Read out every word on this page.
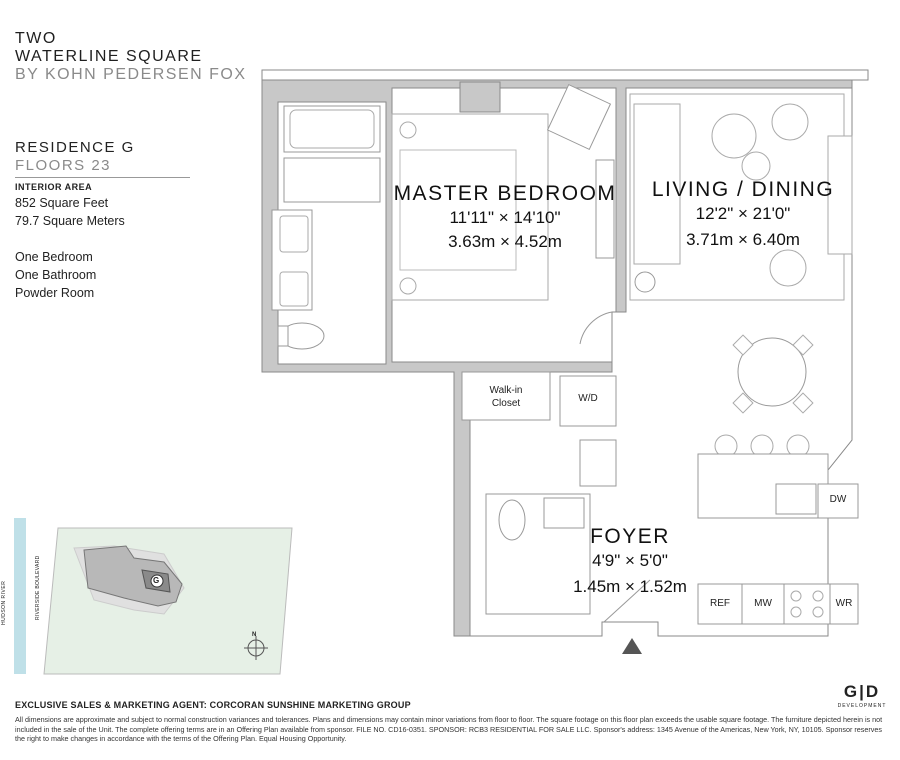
TWO
WATERLINE SQUARE
BY KOHN PEDERSEN FOX
RESIDENCE G
FLOORS 23
INTERIOR AREA
852 Square Feet
79.7 Square Meters
One Bedroom
One Bathroom
Powder Room
MASTER BEDROOM
11'11" × 14'10"
3.63m × 4.52m
LIVING / DINING
12'2" × 21'0"
3.71m × 6.40m
FOYER
4'9" × 5'0"
1.45m × 1.52m
Walk-in
Closet	W/D
DW
REF	MW	WR
HUDSON RIVER	RIVERSIDE BOULEVARD	G
N
EXCLUSIVE SALES & MARKETING AGENT: CORCORAN SUNSHINE MARKETING GROUP
All dimensions are approximate and subject to normal construction variances and tolerances. Plans and dimensions may contain minor variations from floor to floor. The square footage on this floor plan exceeds the usable square footage. The furniture depicted herein is not included in the sale of the Unit. The complete offering terms are in an Offering Plan available from sponsor. FILE NO. CD16-0351. SPONSOR: RCB3 RESIDENTIAL FOR SALE LLC. Sponsor's address: 1345 Avenue of the Americas, New York, NY, 10105. Sponsor reserves the right to make changes in accordance with the terms of the Offering Plan. Equal Housing Opportunity.
G|D
DEVELOPMENT
